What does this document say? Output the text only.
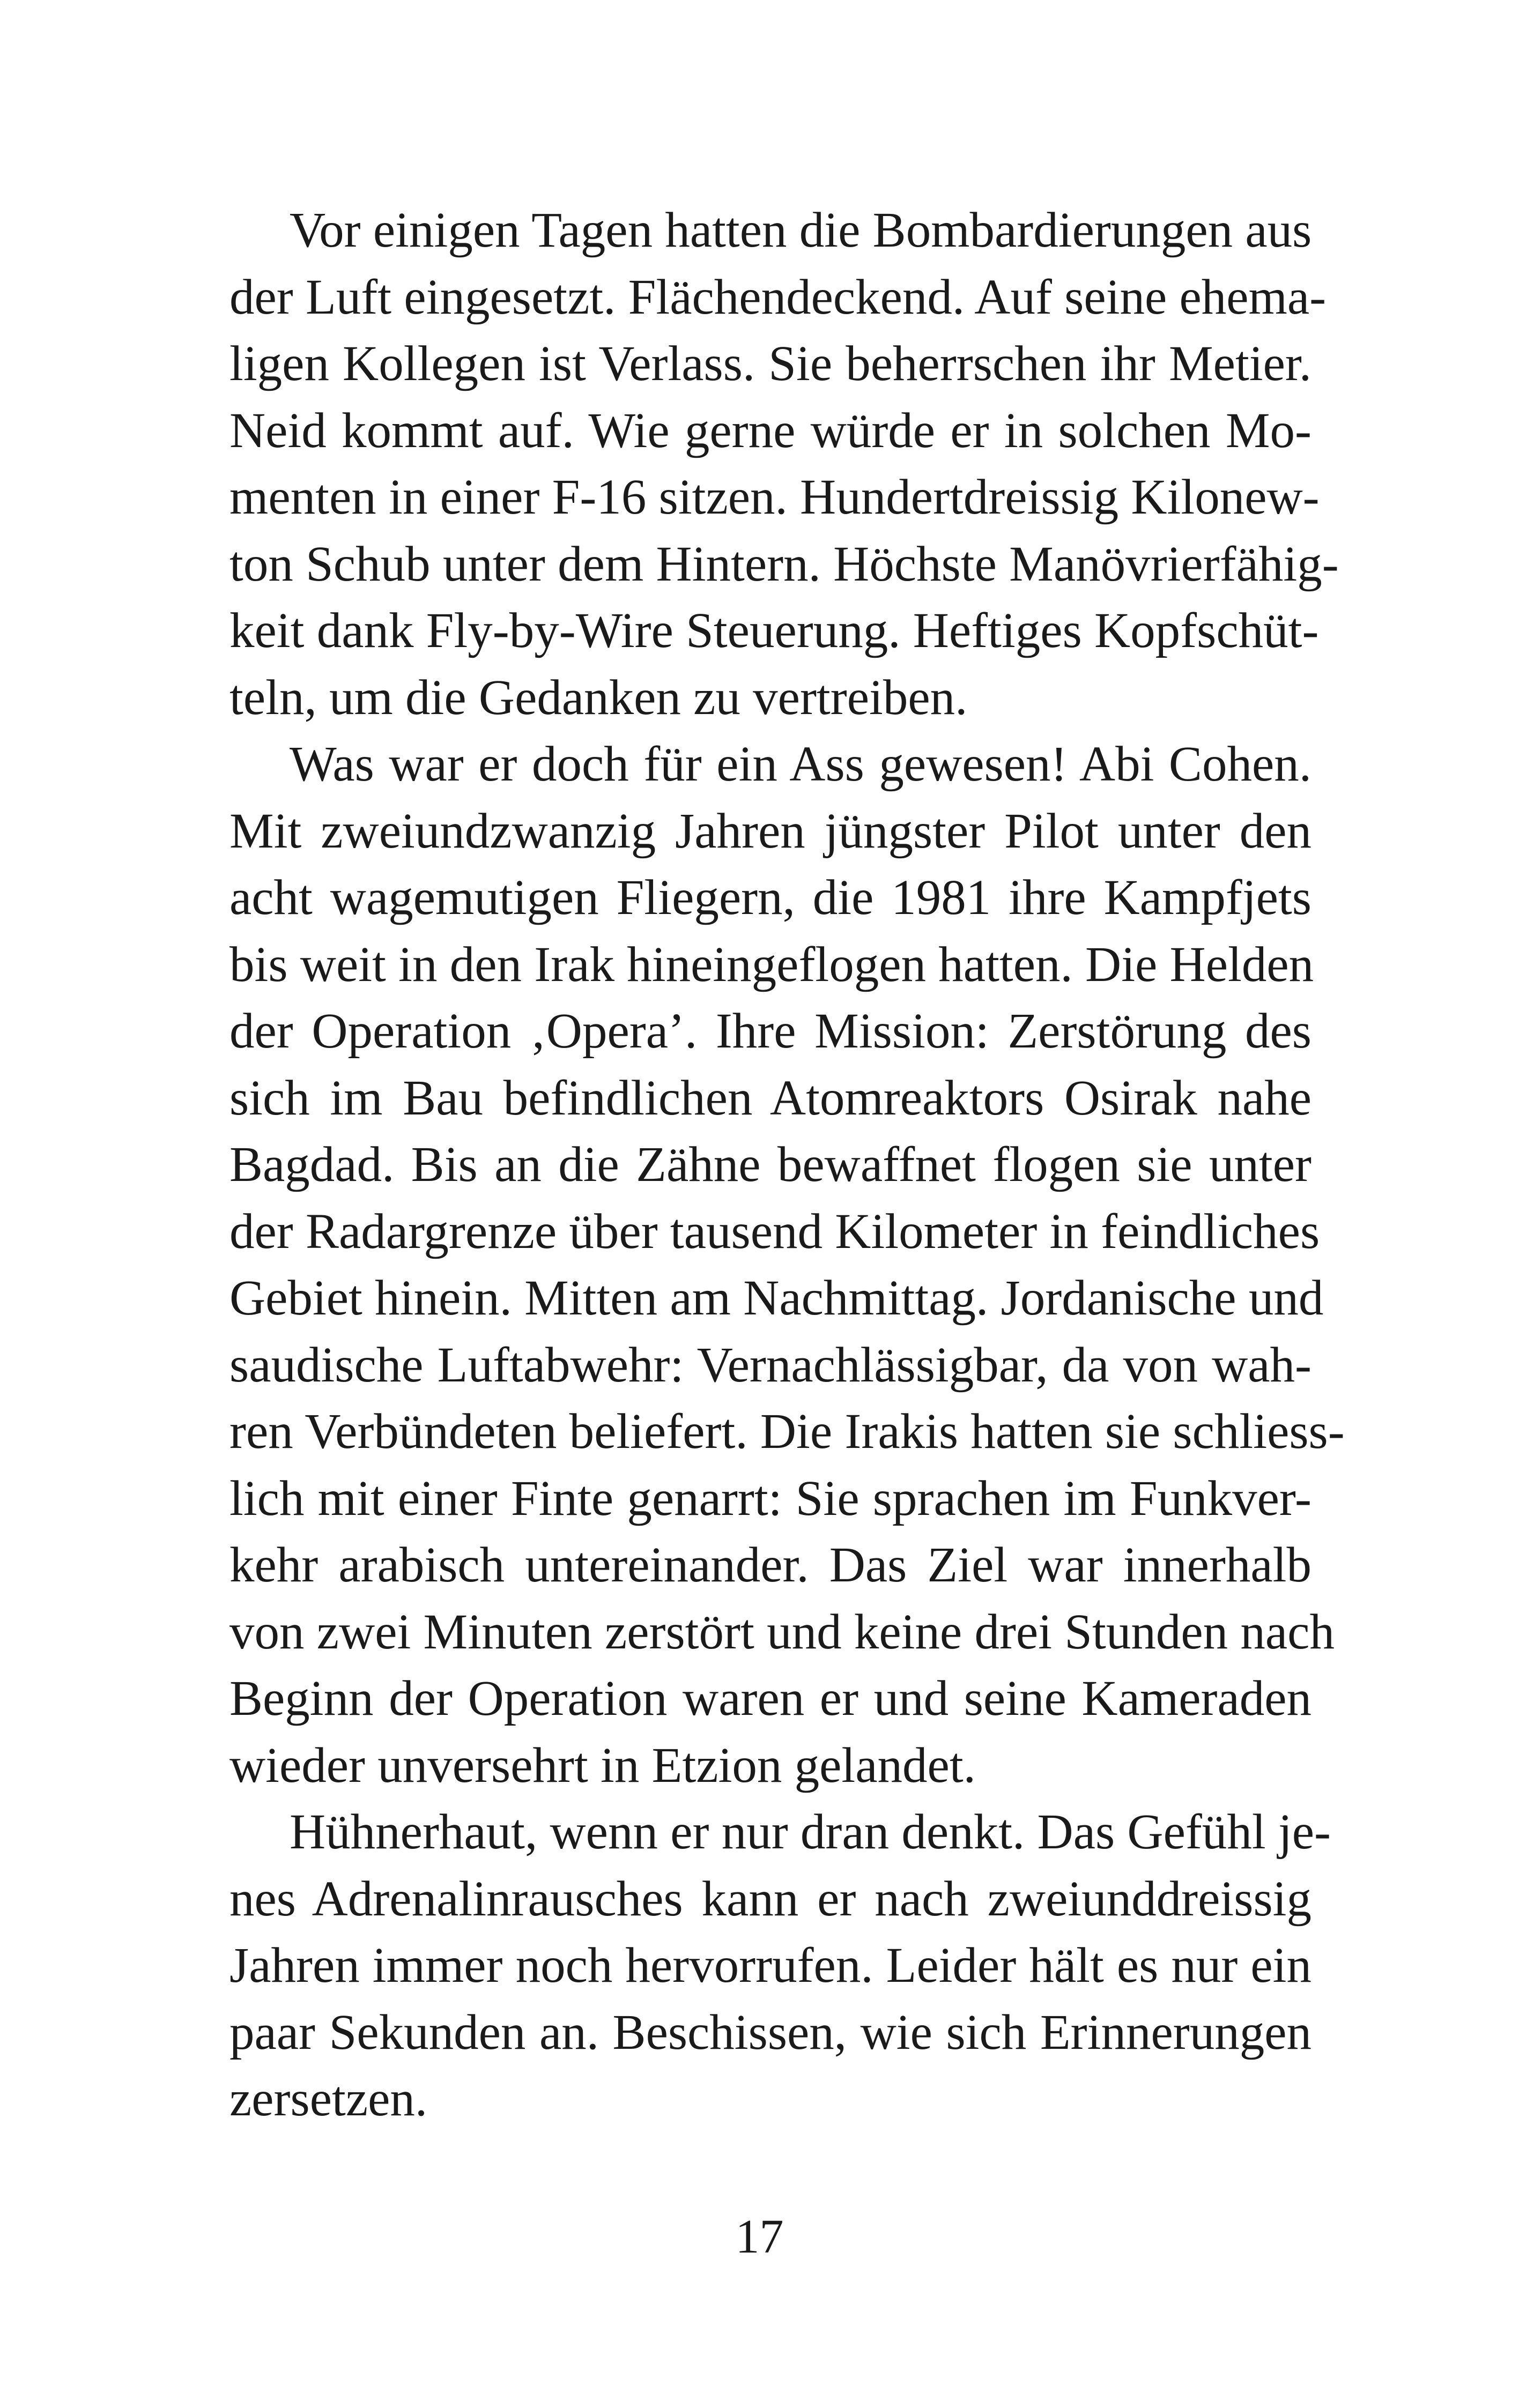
Vor einigen Tagen hatten die Bombardierungen aus
der Luft eingesetzt. Flächendeckend. Auf seine ehema-
ligen Kollegen ist Verlass. Sie beherrschen ihr Metier.
Neid kommt auf. Wie gerne würde er in solchen Mo-
menten in einer F-16 sitzen. Hundertdreissig Kilonew-
ton Schub unter dem Hintern. Höchste Manövrierfähig-
keit dank Fly-by-Wire Steuerung. Heftiges Kopfschüt-
teln, um die Gedanken zu vertreiben.

Was war er doch für ein Ass gewesen! Abi Cohen.
Mit zweiundzwanzig Jahren jüngster Pilot unter den
acht wagemutigen Fliegern, die 1981 ihre Kampfjets
bis weit in den Irak hineingeflogen hatten. Die Helden
der Operation ‚Opera’. Ihre Mission: Zerstörung des
sich im Bau befindlichen Atomreaktors Osirak nahe
Bagdad. Bis an die Zähne bewaffnet flogen sie unter
der Radargrenze über tausend Kilometer in feindliches
Gebiet hinein. Mitten am Nachmittag. Jordanische und
saudische Luftabwehr: Vernachlässigbar, da von wah-
ren Verbündeten beliefert. Die Irakis hatten sie schliess-
lich mit einer Finte genarrt: Sie sprachen im Funkver-
kehr arabisch untereinander. Das Ziel war innerhalb
von zwei Minuten zerstört und keine drei Stunden nach
Beginn der Operation waren er und seine Kameraden
wieder unversehrt in Etzion gelandet.

Hühnerhaut, wenn er nur dran denkt. Das Gefühl je-
nes Adrenalinrausches kann er nach zweiunddreissig
Jahren immer noch hervorrufen. Leider hält es nur ein
paar Sekunden an. Beschissen, wie sich Erinnerungen
zersetzen.

17
